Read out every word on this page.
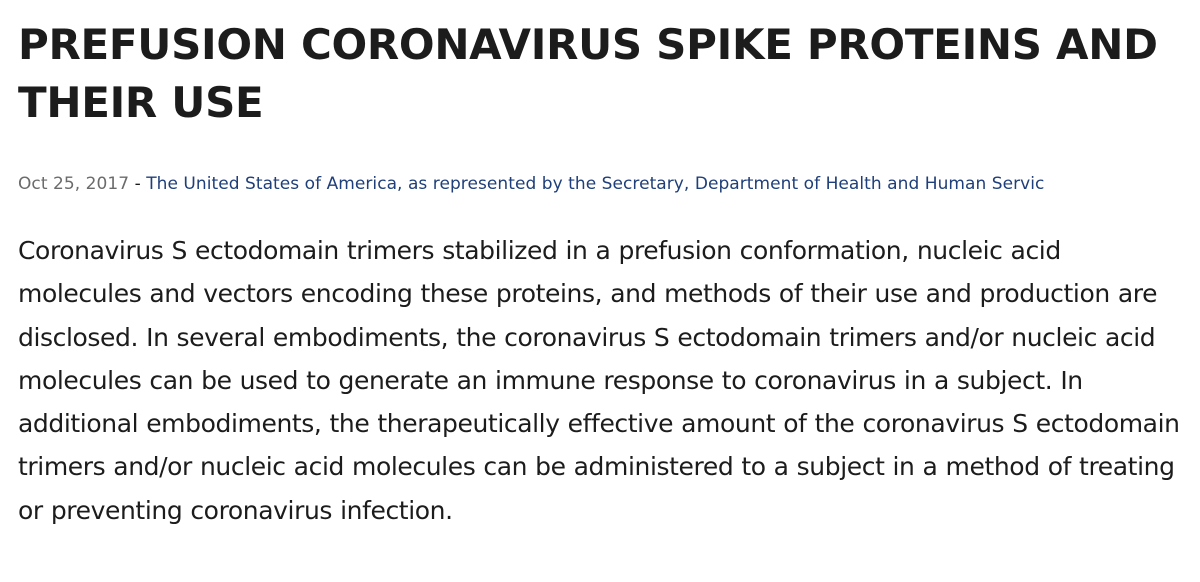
PREFUSION CORONAVIRUS SPIKE PROTEINS AND THEIR USE
Oct 25, 2017 - The United States of America, as represented by the Secretary, Department of Health and Human Servic

Coronavirus S ectodomain trimers stabilized in a prefusion conformation, nucleic acid molecules and vectors encoding these proteins, and methods of their use and production are disclosed. In several embodiments, the coronavirus S ectodomain trimers and/or nucleic acid molecules can be used to generate an immune response to coronavirus in a subject. In additional embodiments, the therapeutically effective amount of the coronavirus S ectodomain trimers and/or nucleic acid molecules can be administered to a subject in a method of treating or preventing coronavirus infection.
